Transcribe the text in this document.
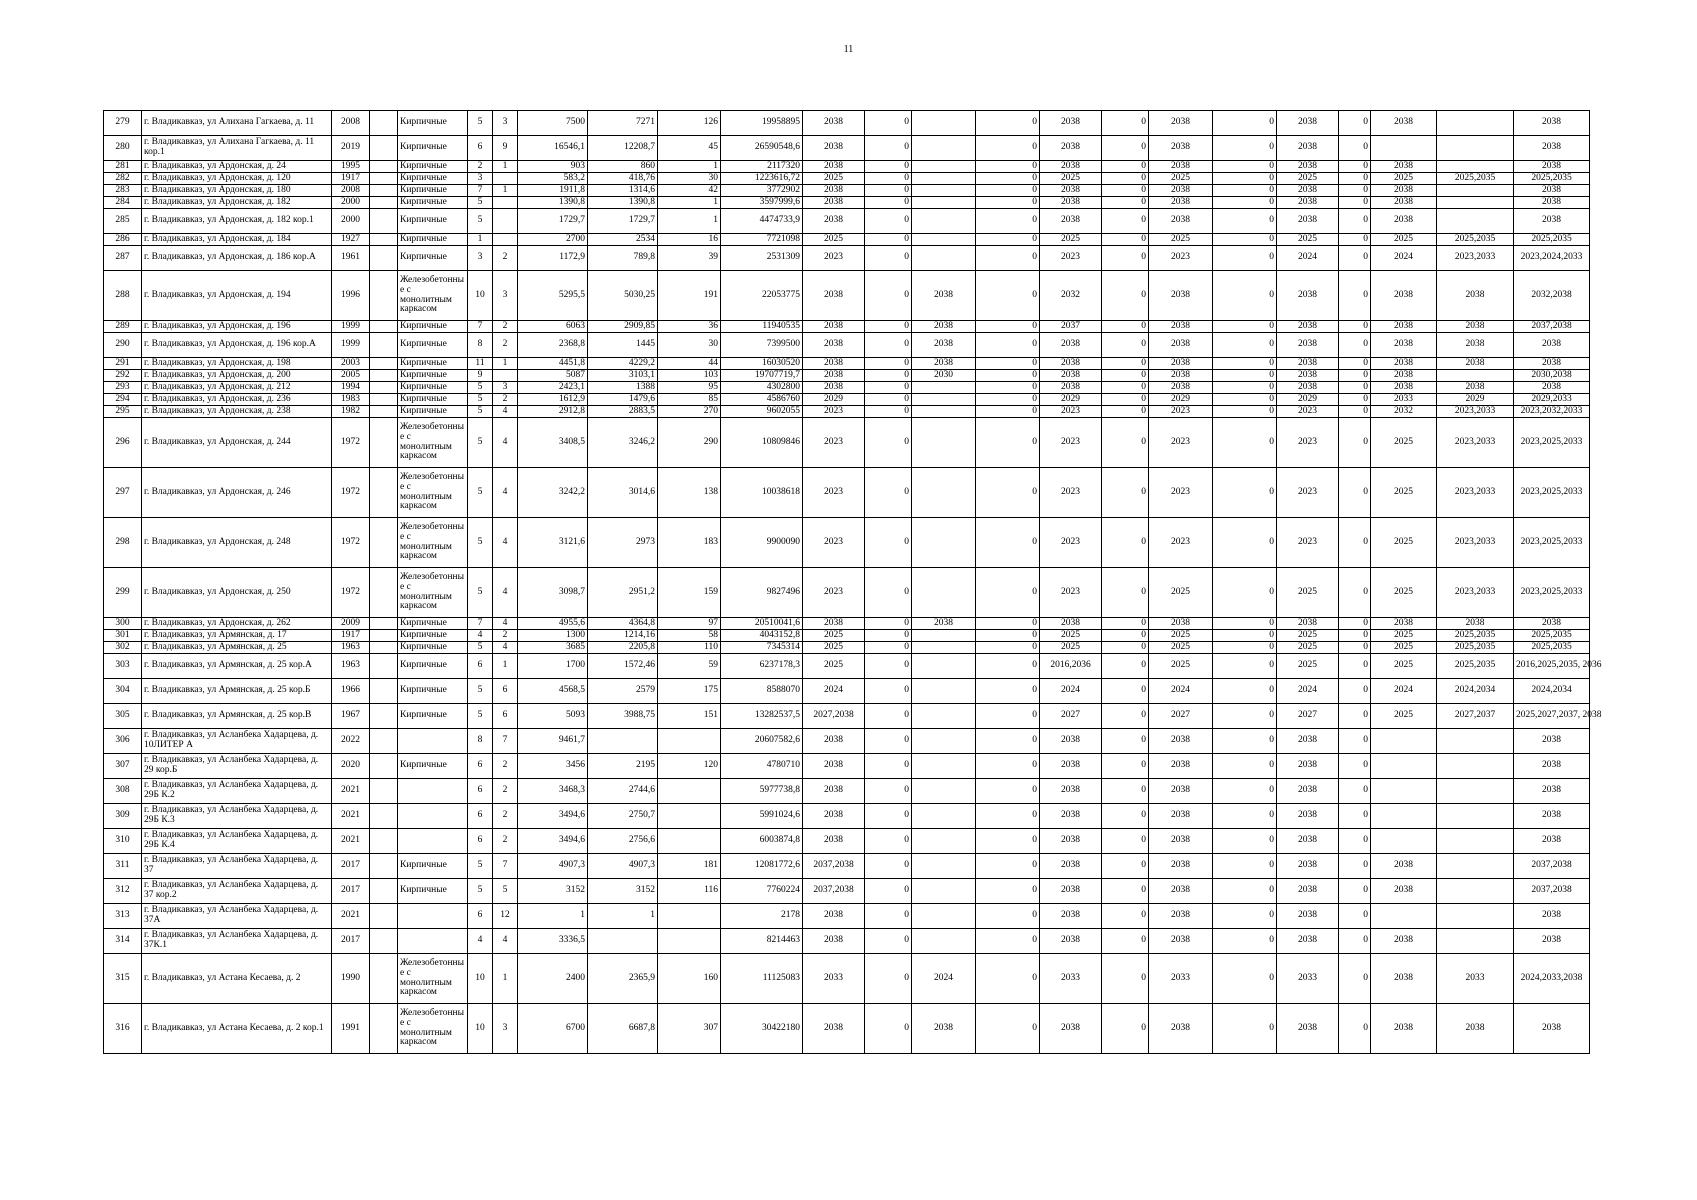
11
279	г. Владикавказ, ул Алихана Гагкаева, д. 11	2008		Кирпичные	5	3	7500	7271	126	19958895	2038	0		0	2038	0	2038	0	2038	0	2038		2038
280	г. Владикавказ, ул Алихана Гагкаева, д. 11 кор.1	2019		Кирпичные	6	9	16546,1	12208,7	45	26590548,6	2038	0		0	2038	0	2038	0	2038	0			2038
281	г. Владикавказ, ул Ардонская, д. 24	1995		Кирпичные	2	1	903	860	1	2117320	2038	0		0	2038	0	2038	0	2038	0	2038		2038
282	г. Владикавказ, ул Ардонская, д. 120	1917		Кирпичные	3		583,2	418,76	30	1223616,72	2025	0		0	2025	0	2025	0	2025	0	2025	2025,2035	2025,2035
283	г. Владикавказ, ул Ардонская, д. 180	2008		Кирпичные	7	1	1911,8	1314,6	42	3772902	2038	0		0	2038	0	2038	0	2038	0	2038		2038
284	г. Владикавказ, ул Ардонская, д. 182	2000		Кирпичные	5		1390,8	1390,8	1	3597999,6	2038	0		0	2038	0	2038	0	2038	0	2038		2038
285	г. Владикавказ, ул Ардонская, д. 182 кор.1	2000		Кирпичные	5		1729,7	1729,7	1	4474733,9	2038	0		0	2038	0	2038	0	2038	0	2038		2038
286	г. Владикавказ, ул Ардонская, д. 184	1927		Кирпичные	1		2700	2534	16	7721098	2025	0		0	2025	0	2025	0	2025	0	2025	2025,2035	2025,2035
287	г. Владикавказ, ул Ардонская, д. 186 кор.А	1961		Кирпичные	3	2	1172,9	789,8	39	2531309	2023	0		0	2023	0	2023	0	2024	0	2024	2023,2033	2023,2024,2033
288	г. Владикавказ, ул Ардонская, д. 194	1996		Железобетонные с монолитным каркасом	10	3	5295,5	5030,25	191	22053775	2038	0	2038	0	2032	0	2038	0	2038	0	2038	2038	2032,2038
289	г. Владикавказ, ул Ардонская, д. 196	1999		Кирпичные	7	2	6063	2909,85	36	11940535	2038	0	2038	0	2037	0	2038	0	2038	0	2038	2038	2037,2038
290	г. Владикавказ, ул Ардонская, д. 196 кор.А	1999		Кирпичные	8	2	2368,8	1445	30	7399500	2038	0	2038	0	2038	0	2038	0	2038	0	2038	2038	2038
291	г. Владикавказ, ул Ардонская, д. 198	2003		Кирпичные	11	1	4451,8	4229,2	44	16030520	2038	0	2038	0	2038	0	2038	0	2038	0	2038	2038	2038
292	г. Владикавказ, ул Ардонская, д. 200	2005		Кирпичные	9		5087	3103,1	103	19707719,7	2038	0	2030	0	2038	0	2038	0	2038	0	2038		2030,2038
293	г. Владикавказ, ул Ардонская, д. 212	1994		Кирпичные	5	3	2423,1	1388	95	4302800	2038	0		0	2038	0	2038	0	2038	0	2038	2038	2038
294	г. Владикавказ, ул Ардонская, д. 236	1983		Кирпичные	5	2	1612,9	1479,6	85	4586760	2029	0		0	2029	0	2029	0	2029	0	2033	2029	2029,2033
295	г. Владикавказ, ул Ардонская, д. 238	1982		Кирпичные	5	4	2912,8	2883,5	270	9602055	2023	0		0	2023	0	2023	0	2023	0	2032	2023,2033	2023,2032,2033
296	г. Владикавказ, ул Ардонская, д. 244	1972		Железобетонные с монолитным каркасом	5	4	3408,5	3246,2	290	10809846	2023	0		0	2023	0	2023	0	2023	0	2025	2023,2033	2023,2025,2033
297	г. Владикавказ, ул Ардонская, д. 246	1972		Железобетонные с монолитным каркасом	5	4	3242,2	3014,6	138	10038618	2023	0		0	2023	0	2023	0	2023	0	2025	2023,2033	2023,2025,2033
298	г. Владикавказ, ул Ардонская, д. 248	1972		Железобетонные с монолитным каркасом	5	4	3121,6	2973	183	9900090	2023	0		0	2023	0	2023	0	2023	0	2025	2023,2033	2023,2025,2033
299	г. Владикавказ, ул Ардонская, д. 250	1972		Железобетонные с монолитным каркасом	5	4	3098,7	2951,2	159	9827496	2023	0		0	2023	0	2025	0	2025	0	2025	2023,2033	2023,2025,2033
300	г. Владикавказ, ул Ардонская, д. 262	2009		Кирпичные	7	4	4955,6	4364,8	97	20510041,6	2038	0	2038	0	2038	0	2038	0	2038	0	2038	2038	2038
301	г. Владикавказ, ул Армянская, д. 17	1917		Кирпичные	4	2	1300	1214,16	58	4043152,8	2025	0		0	2025	0	2025	0	2025	0	2025	2025,2035	2025,2035
302	г. Владикавказ, ул Армянская, д. 25	1963		Кирпичные	5	4	3685	2205,8	110	7345314	2025	0		0	2025	0	2025	0	2025	0	2025	2025,2035	2025,2035
303	г. Владикавказ, ул Армянская, д. 25 кор.А	1963		Кирпичные	6	1	1700	1572,46	59	6237178,3	2025	0		0	2016,2036	0	2025	0	2025	0	2025	2025,2035	2016,2025,2035, 2036
304	г. Владикавказ, ул Армянская, д. 25 кор.Б	1966		Кирпичные	5	6	4568,5	2579	175	8588070	2024	0		0	2024	0	2024	0	2024	0	2024	2024,2034	2024,2034
305	г. Владикавказ, ул Армянская, д. 25 кор.В	1967		Кирпичные	5	6	5093	3988,75	151	13282537,5	2027,2038	0		0	2027	0	2027	0	2027	0	2025	2027,2037	2025,2027,2037, 2038
306	г. Владикавказ, ул Асланбека Хадарцева, д. 10ЛИТЕР А	2022			8	7	9461,7			20607582,6	2038	0		0	2038	0	2038	0	2038	0			2038
307	г. Владикавказ, ул Асланбека Хадарцева, д. 29 кор.Б	2020		Кирпичные	6	2	3456	2195	120	4780710	2038	0		0	2038	0	2038	0	2038	0			2038
308	г. Владикавказ, ул Асланбека Хадарцева, д. 29Б К.2	2021			6	2	3468,3	2744,6		5977738,8	2038	0		0	2038	0	2038	0	2038	0			2038
309	г. Владикавказ, ул Асланбека Хадарцева, д. 29Б К.3	2021			6	2	3494,6	2750,7		5991024,6	2038	0		0	2038	0	2038	0	2038	0			2038
310	г. Владикавказ, ул Асланбека Хадарцева, д. 29Б К.4	2021			6	2	3494,6	2756,6		6003874,8	2038	0		0	2038	0	2038	0	2038	0			2038
311	г. Владикавказ, ул Асланбека Хадарцева, д. 37	2017		Кирпичные	5	7	4907,3	4907,3	181	12081772,6	2037,2038	0		0	2038	0	2038	0	2038	0	2038		2037,2038
312	г. Владикавказ, ул Асланбека Хадарцева, д. 37 кор.2	2017		Кирпичные	5	5	3152	3152	116	7760224	2037,2038	0		0	2038	0	2038	0	2038	0	2038		2037,2038
313	г. Владикавказ, ул Асланбека Хадарцева, д. 37А	2021			6	12	1	1		2178	2038	0		0	2038	0	2038	0	2038	0			2038
314	г. Владикавказ, ул Асланбека Хадарцева, д. 37К.1	2017			4	4	3336,5			8214463	2038	0		0	2038	0	2038	0	2038	0	2038		2038
315	г. Владикавказ, ул Астана Кесаева, д. 2	1990		Железобетонные с монолитным каркасом	10	1	2400	2365,9	160	11125083	2033	0	2024	0	2033	0	2033	0	2033	0	2038	2033	2024,2033,2038
316	г. Владикавказ, ул Астана Кесаева, д. 2 кор.1	1991		Железобетонные с монолитным каркасом	10	3	6700	6687,8	307	30422180	2038	0	2038	0	2038	0	2038	0	2038	0	2038	2038	2038
